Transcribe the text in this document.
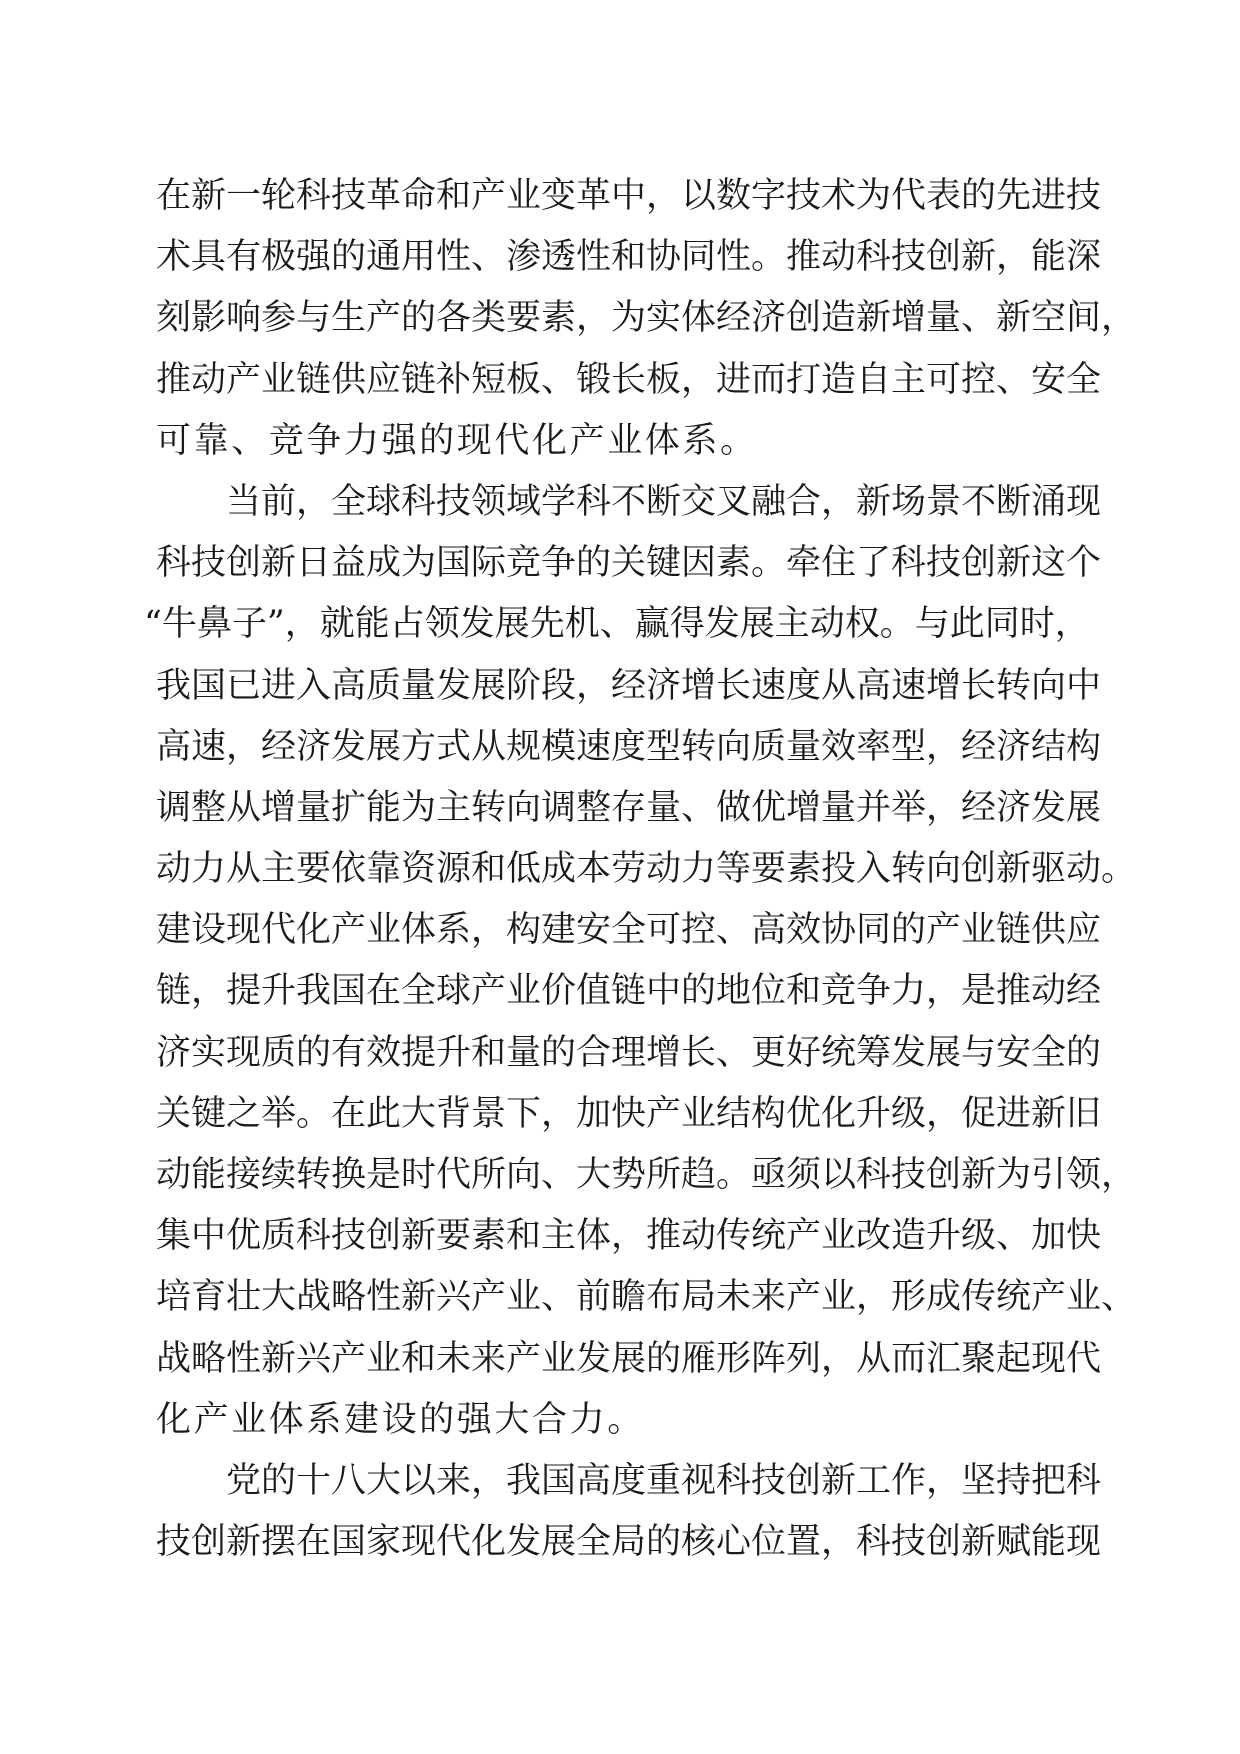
在新一轮科技革命和产业变革中，以数字技术为代表的先进技
术具有极强的通用性、渗透性和协同性。推动科技创新，能深
刻影响参与生产的各类要素，为实体经济创造新增量、新空间，
推动产业链供应链补短板、锻长板，进而打造自主可控、安全
可靠、竞争力强的现代化产业体系。
当前，全球科技领域学科不断交叉融合，新场景不断涌现
科技创新日益成为国际竞争的关键因素。牵住了科技创新这个
“牛鼻子”，就能占领发展先机、赢得发展主动权。与此同时，
我国已进入高质量发展阶段，经济增长速度从高速增长转向中
高速，经济发展方式从规模速度型转向质量效率型，经济结构
调整从增量扩能为主转向调整存量、做优增量并举，经济发展
动力从主要依靠资源和低成本劳动力等要素投入转向创新驱动。
建设现代化产业体系，构建安全可控、高效协同的产业链供应
链，提升我国在全球产业价值链中的地位和竞争力，是推动经
济实现质的有效提升和量的合理增长、更好统筹发展与安全的
关键之举。在此大背景下，加快产业结构优化升级，促进新旧
动能接续转换是时代所向、大势所趋。亟须以科技创新为引领，
集中优质科技创新要素和主体，推动传统产业改造升级、加快
培育壮大战略性新兴产业、前瞻布局未来产业，形成传统产业、
战略性新兴产业和未来产业发展的雁形阵列，从而汇聚起现代
化产业体系建设的强大合力。
党的十八大以来，我国高度重视科技创新工作，坚持把科
技创新摆在国家现代化发展全局的核心位置，科技创新赋能现
